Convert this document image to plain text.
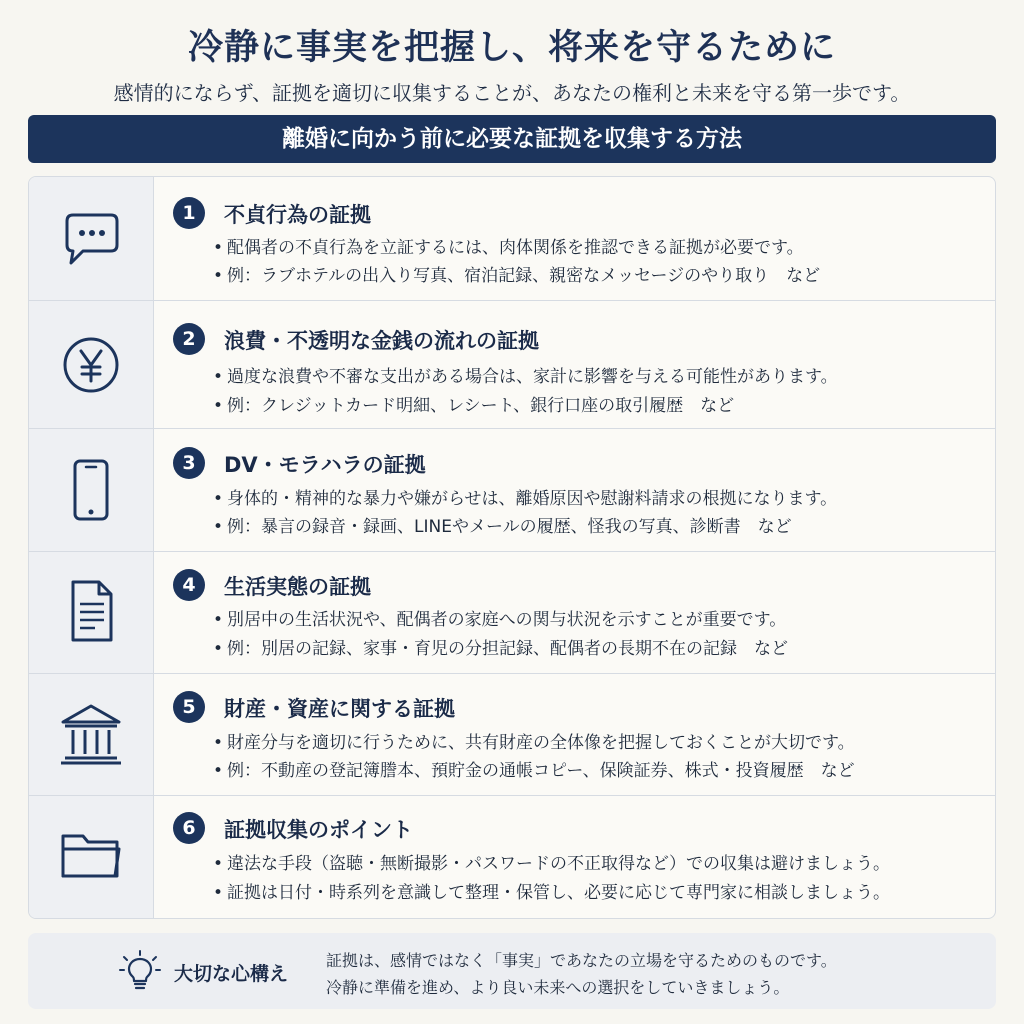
冷静に事実を把握し、将来を守るために
感情的にならず、証拠を適切に収集することが、あなたの権利と未来を守る第一歩です。
離婚に向かう前に必要な証拠を収集する方法
1	不貞行為の証拠
• 配偶者の不貞行為を立証するには、肉体関係を推認できる証拠が必要です。
• 例：ラブホテルの出入り写真、宿泊記録、親密なメッセージのやり取り　など
2	浪費・不透明な金銭の流れの証拠
• 過度な浪費や不審な支出がある場合は、家計に影響を与える可能性があります。
• 例：クレジットカード明細、レシート、銀行口座の取引履歴　など
3	DV・モラハラの証拠
• 身体的・精神的な暴力や嫌がらせは、離婚原因や慰謝料請求の根拠になります。
• 例：暴言の録音・録画、LINEやメールの履歴、怪我の写真、診断書　など
4	生活実態の証拠
• 別居中の生活状況や、配偶者の家庭への関与状況を示すことが重要です。
• 例：別居の記録、家事・育児の分担記録、配偶者の長期不在の記録　など
5	財産・資産に関する証拠
• 財産分与を適切に行うために、共有財産の全体像を把握しておくことが大切です。
• 例：不動産の登記簿謄本、預貯金の通帳コピー、保険証券、株式・投資履歴　など
6	証拠収集のポイント
• 違法な手段（盗聴・無断撮影・パスワードの不正取得など）での収集は避けましょう。
• 証拠は日付・時系列を意識して整理・保管し、必要に応じて専門家に相談しましょう。
大切な心構え
証拠は、感情ではなく「事実」であなたの立場を守るためのものです。
冷静に準備を進め、より良い未来への選択をしていきましょう。
